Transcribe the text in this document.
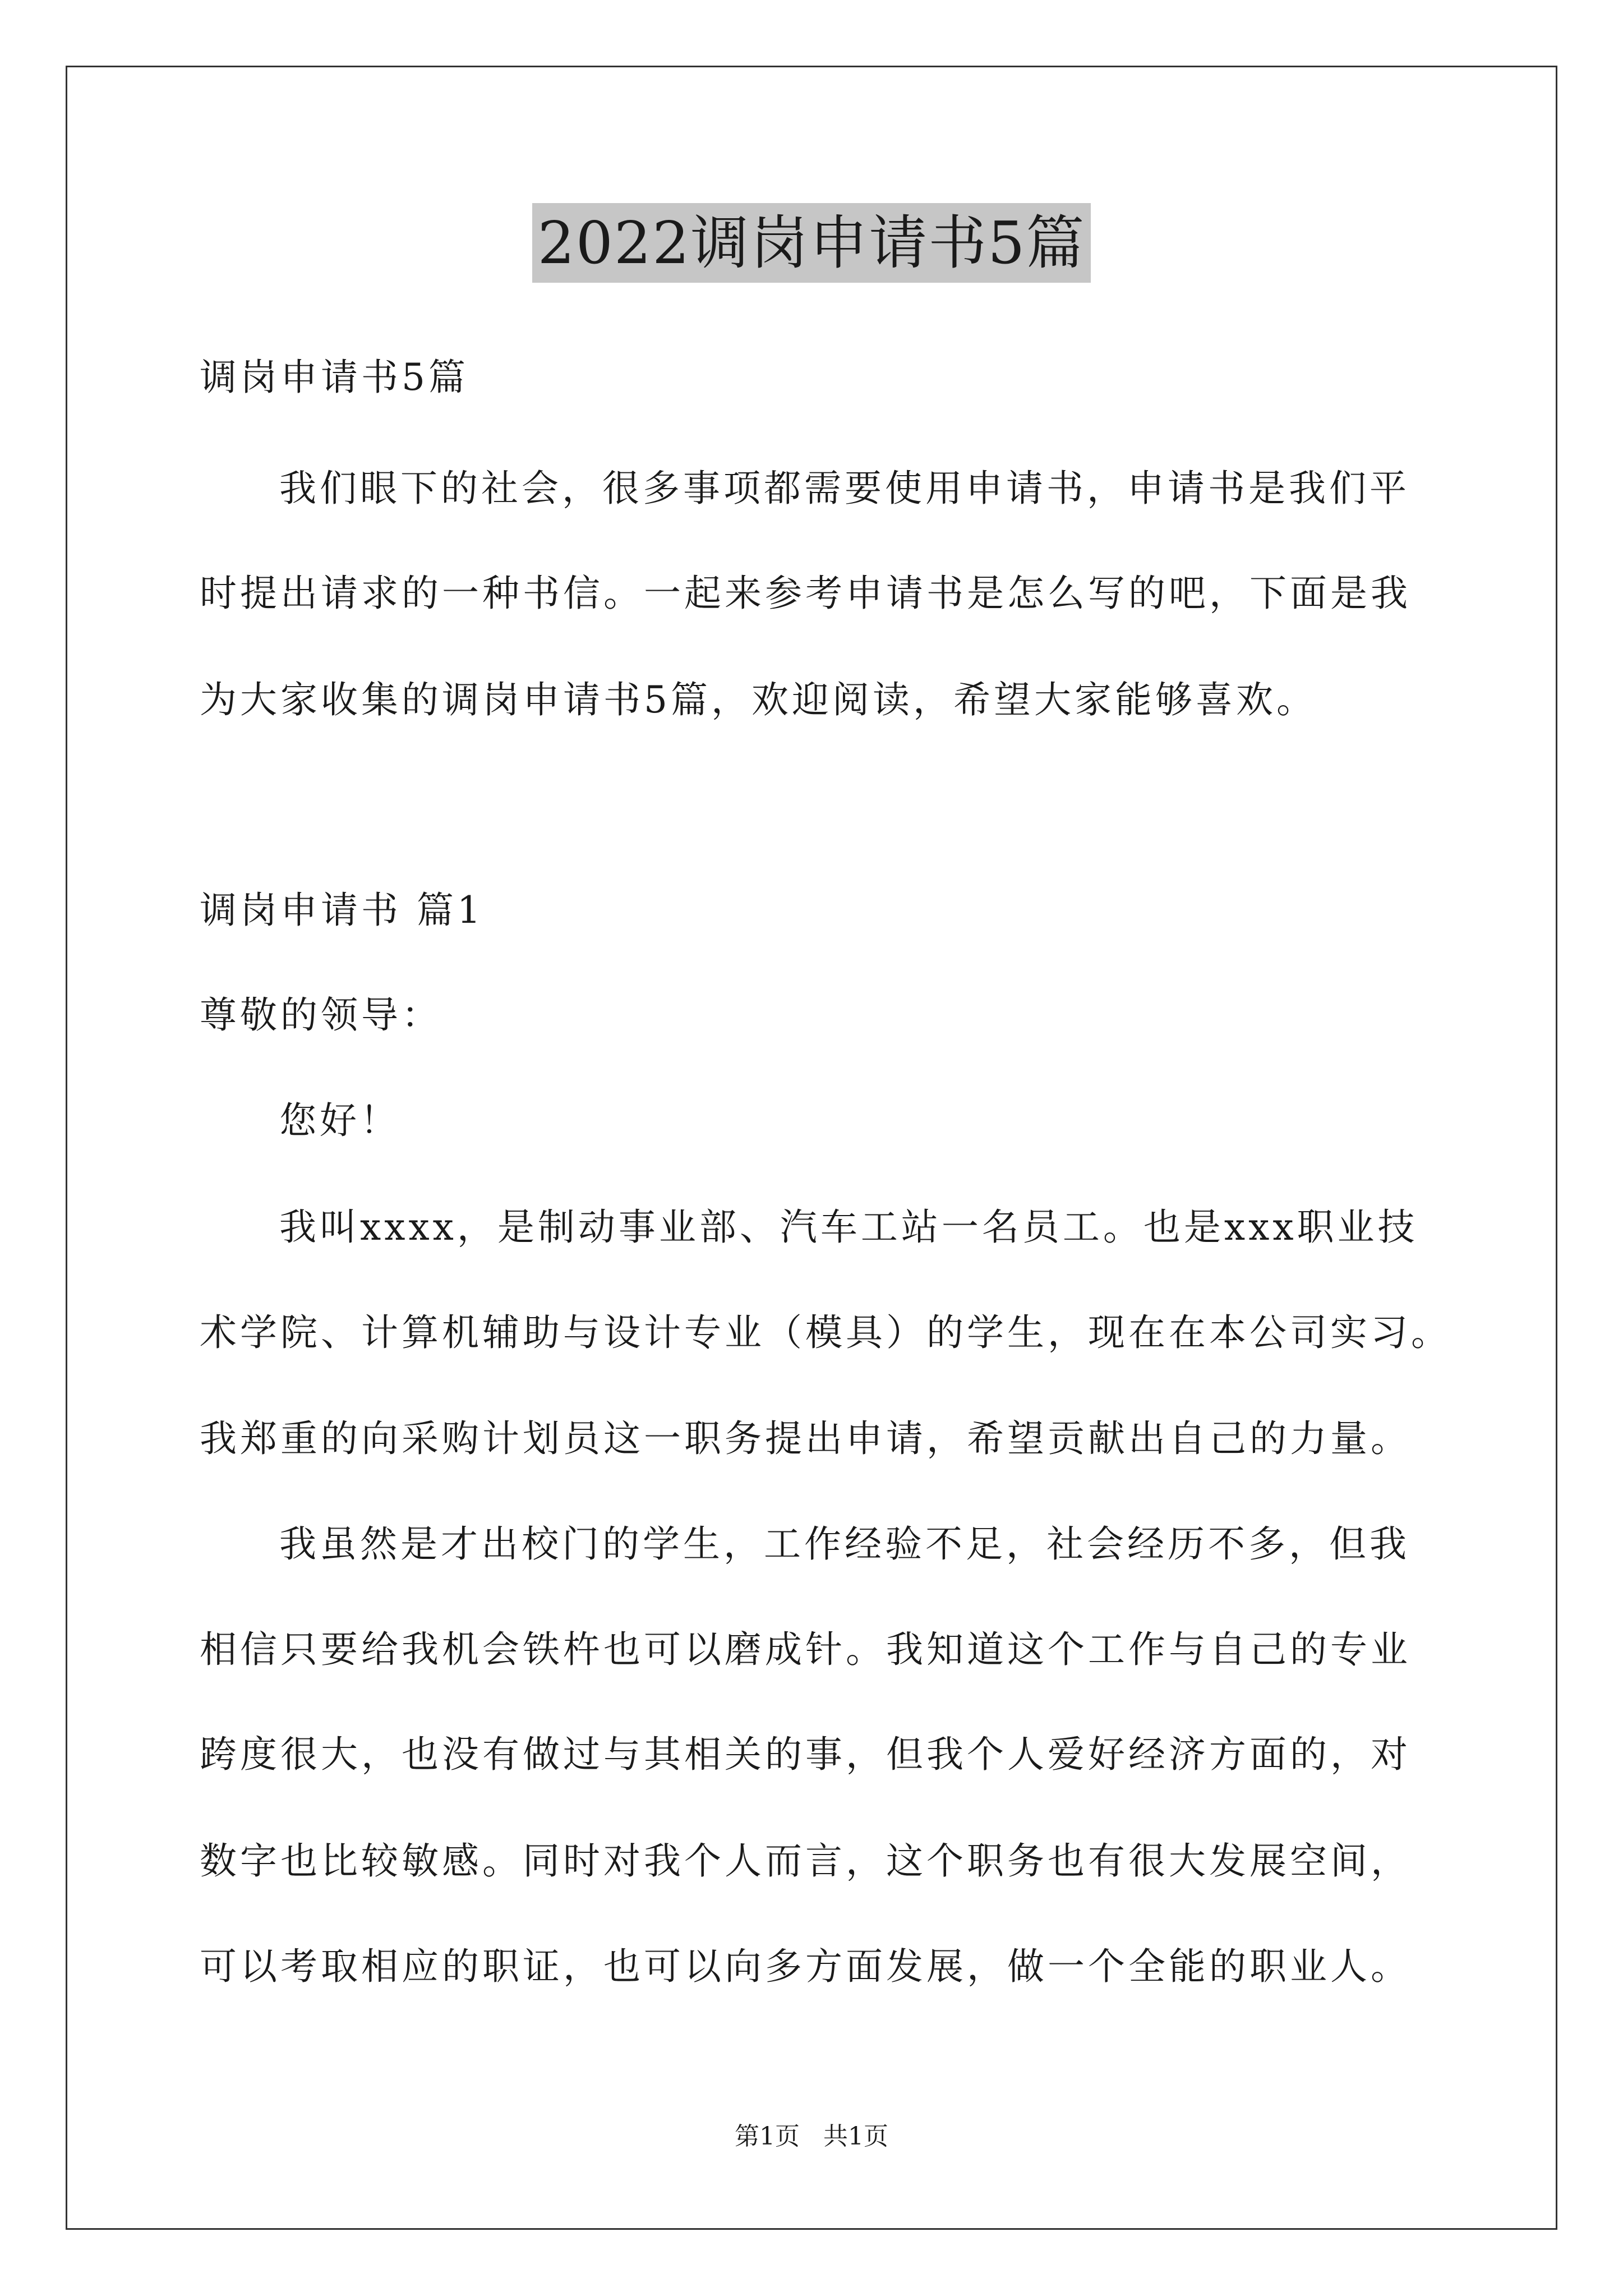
2022调岗申请书5篇
调岗申请书5篇
我们眼下的社会，很多事项都需要使用申请书，申请书是我们平
时提出请求的一种书信。一起来参考申请书是怎么写的吧，下面是我
为大家收集的调岗申请书5篇，欢迎阅读，希望大家能够喜欢。
调岗申请书 篇1
尊敬的领导：
您好！
我叫xxxx，是制动事业部、汽车工站一名员工。也是xxx职业技
术学院、计算机辅助与设计专业（模具）的学生，现在在本公司实习。
我郑重的向采购计划员这一职务提出申请，希望贡献出自己的力量。
我虽然是才出校门的学生，工作经验不足，社会经历不多，但我
相信只要给我机会铁杵也可以磨成针。我知道这个工作与自己的专业
跨度很大，也没有做过与其相关的事，但我个人爱好经济方面的，对
数字也比较敏感。同时对我个人而言，这个职务也有很大发展空间，
可以考取相应的职证，也可以向多方面发展，做一个全能的职业人。
第1页   共1页
